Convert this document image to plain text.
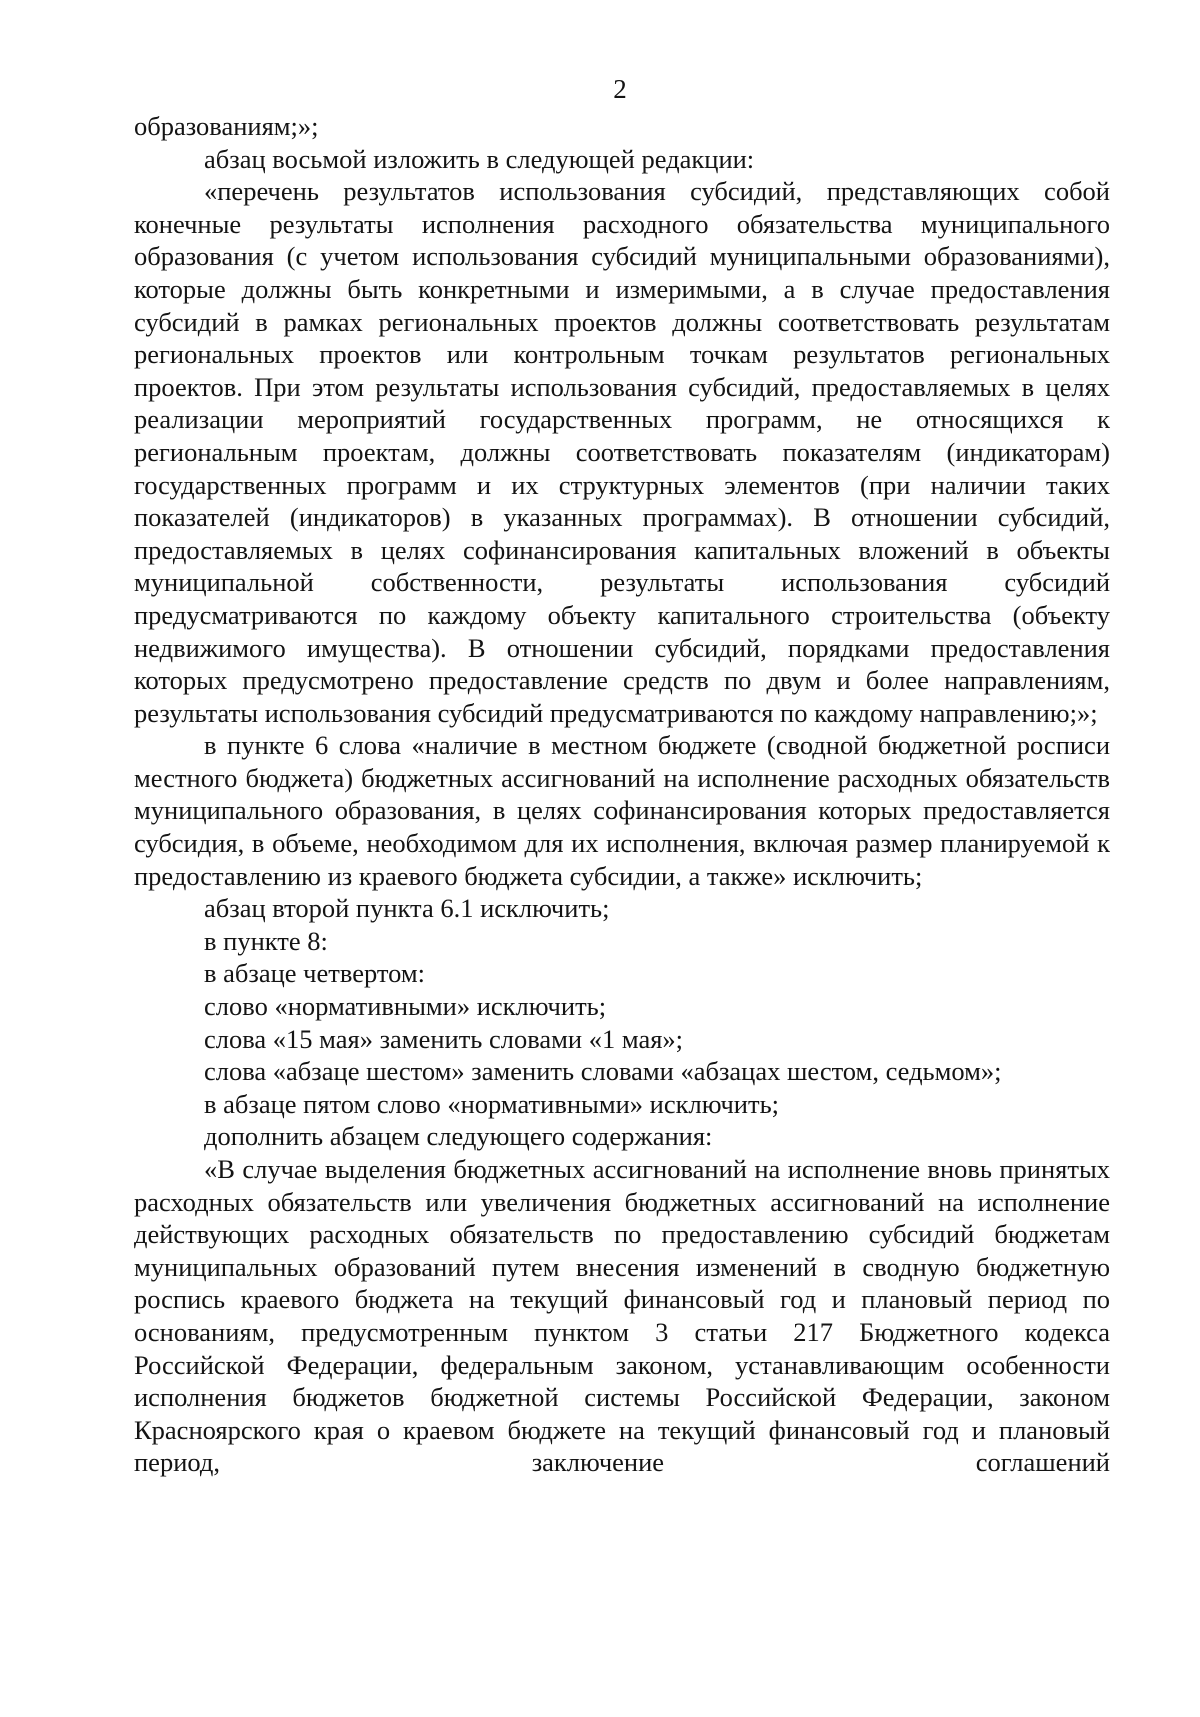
2

образованиям;»;

абзац восьмой изложить в следующей редакции:

«перечень результатов использования субсидий, представляющих собой конечные результаты исполнения расходного обязательства муниципального образования (с учетом использования субсидий муниципальными образованиями), которые должны быть конкретными и измеримыми, а в случае предоставления субсидий в рамках региональных проектов должны соответствовать результатам региональных проектов или контрольным точкам результатов региональных проектов. При этом результаты использования субсидий, предоставляемых в целях реализации мероприятий государственных программ, не относящихся к региональным проектам, должны соответствовать показателям (индикаторам) государственных программ и их структурных элементов (при наличии таких показателей (индикаторов) в указанных программах). В отношении субсидий, предоставляемых в целях софинансирования капитальных вложений в объекты муниципальной собственности, результаты использования субсидий предусматриваются по каждому объекту капитального строительства (объекту недвижимого имущества). В отношении субсидий, порядками предоставления которых предусмотрено предоставление средств по двум и более направлениям, результаты использования субсидий предусматриваются по каждому направлению;»;

в пункте 6 слова «наличие в местном бюджете (сводной бюджетной росписи местного бюджета) бюджетных ассигнований на исполнение расходных обязательств муниципального образования, в целях софинансирования которых предоставляется субсидия, в объеме, необходимом для их исполнения, включая размер планируемой к предоставлению из краевого бюджета субсидии, а также» исключить;

абзац второй пункта 6.1 исключить;

в пункте 8:

в абзаце четвертом:

слово «нормативными» исключить;

слова «15 мая» заменить словами «1 мая»;

слова «абзаце шестом» заменить словами «абзацах шестом, седьмом»;

в абзаце пятом слово «нормативными» исключить;

дополнить абзацем следующего содержания:

«В случае выделения бюджетных ассигнований на исполнение вновь принятых расходных обязательств или увеличения бюджетных ассигнований на исполнение действующих расходных обязательств по предоставлению субсидий бюджетам муниципальных образований путем внесения изменений в сводную бюджетную роспись краевого бюджета на текущий финансовый год и плановый период по основаниям, предусмотренным пунктом 3 статьи 217 Бюджетного кодекса Российской Федерации, федеральным законом, устанавливающим особенности исполнения бюджетов бюджетной системы Российской Федерации, законом Красноярского края о краевом бюджете на текущий финансовый год и плановый период, заключение соглашений
